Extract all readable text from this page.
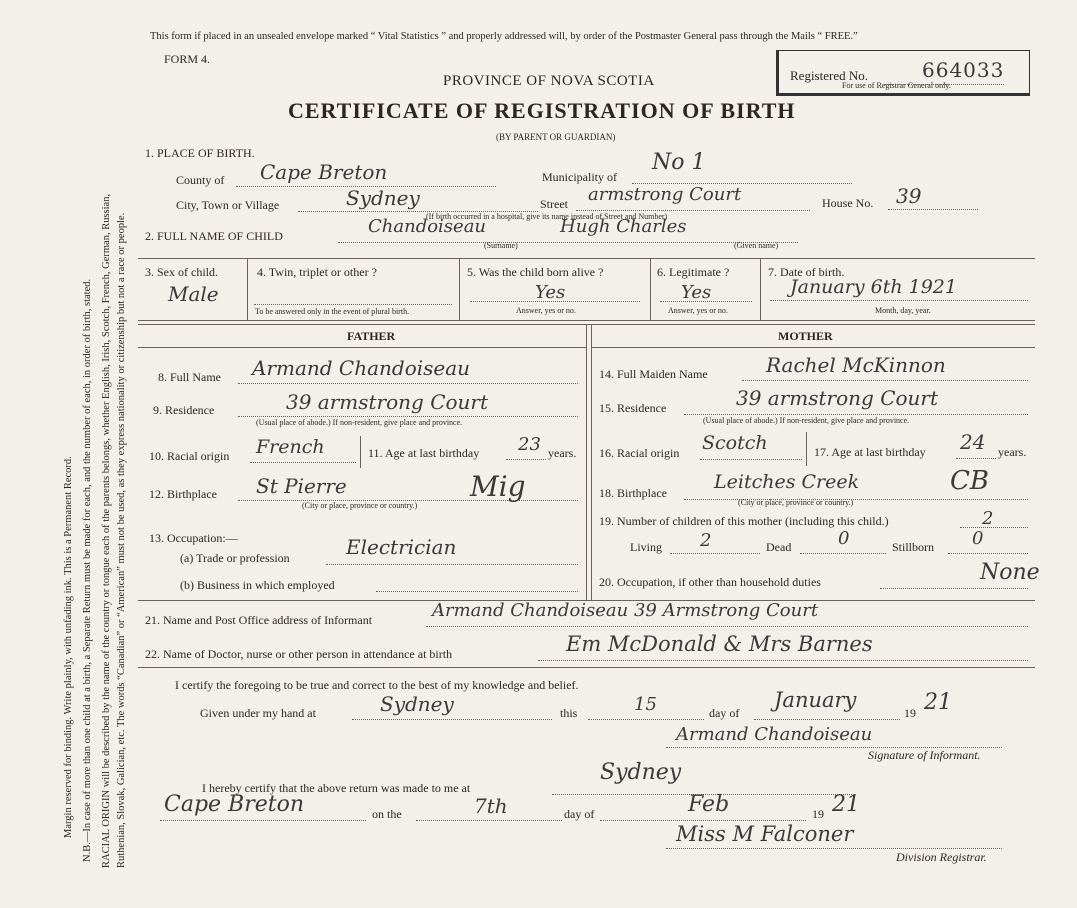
Margin reserved for binding. Write plainly, with unfading ink. This is a Permanent Record. N.B.—In case of more than one child at a birth, a Separate Return must be made for each, and the number of each, in order of birth, stated. RACIAL ORIGIN will be described by the name of the country or tongue each of the parents belongs, whether English, Irish, Scotch, French, German, Russian, Ruthenian, Slovak, Galician, etc. The words “Canadian” or “American” must not be used, as they express nationality or citizenship but not a race or people.
This form if placed in an unsealed envelope marked “ Vital Statistics ” and properly addressed will, by order of the Postmaster General pass through the Mails “ FREE.”
FORM 4.
PROVINCE OF NOVA SCOTIA
CERTIFICATE OF REGISTRATION OF BIRTH
(BY PARENT OR GUARDIAN)
Registered No.	664033
For use of Registrar General only.
1. PLACE OF BIRTH.
County of Cape Breton	Municipality of
No 1
City, Town or Village	Sydney	Street armstrong Court	House No. 39
(If birth occurred in a hospital, give its name instead of Street and Number)
2. FULL NAME OF CHILD	Chandoiseau	Hugh Charles
(Surname)	(Given name)
3. Sex of child.
Male
4. Twin, triplet or other ?
To be answered only in the event of plural birth.
5. Was the child born alive ?
Yes
Answer, yes or no.
6. Legitimate ?
Yes
Answer, yes or no.
7. Date of birth.
January 6th 1921
Month, day, year.
FATHER	MOTHER
8. Full Name Armand Chandoiseau
9. Residence	39 armstrong Court
(Usual place of abode.) If non-resident, give place and province.
10. Racial origin French	11. Age at last birthday 23 years.
12. Birthplace St Pierre	Mig
(City or place, province or country.)
13. Occupation:—
(a) Trade or profession	Electrician
(b) Business in which employed
14. Full Maiden Name	Rachel McKinnon
15. Residence	39 armstrong Court
(Usual place of abode.) If non-resident, give place and province.
16. Racial origin Scotch	17. Age at last birthday 24 years.
18. Birthplace Leitches Creek	CB
(City or place, province or country.)
19. Number of children of this mother (including this child.)	2
Living 2	Dead	0	Stillborn 0
20. Occupation, if other than household duties	None
21. Name and Post Office address of Informant	Armand Chandoiseau 39 Armstrong Court
22. Name of Doctor, nurse or other person in attendance at birth	Em McDonald & Mrs Barnes
I certify the foregoing to be true and correct to the best of my knowledge and belief.
Given under my hand at	Sydney	this	15	day of
January
19 21
Armand Chandoiseau
Signature of Informant.
I hereby certify that the above return was made to me at
Sydney
Cape Breton	on the	7th	day of	Feb	19 21
Miss M Falconer
Division Registrar.
